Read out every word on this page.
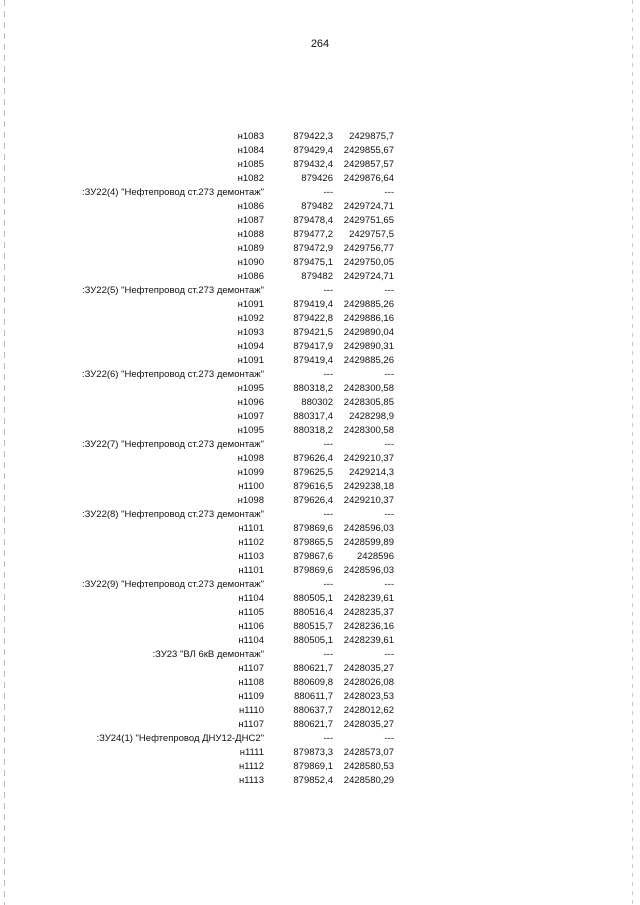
264
н1083	879422,3 2429875,7
н1084	879429,4 2429855,67
н1085	879432,4 2429857,57
н1082	879426 2429876,64
:ЗУ22(4) "Нефтепровод ст.273 демонтаж"	---	---
н1086	879482 2429724,71
н1087	879478,4 2429751,65
н1088	879477,2 2429757,5
н1089	879472,9 2429756,77
н1090	879475,1 2429750,05
н1086	879482 2429724,71
:ЗУ22(5) "Нефтепровод ст.273 демонтаж"	---	---
н1091	879419,4 2429885,26
н1092	879422,8 2429886,16
н1093	879421,5 2429890,04
н1094	879417,9 2429890,31
н1091	879419,4 2429885,26
:ЗУ22(6) "Нефтепровод ст.273 демонтаж"	---	---
н1095	880318,2 2428300,58
н1096	880302 2428305,85
н1097	880317,4 2428298,9
н1095	880318,2 2428300,58
:ЗУ22(7) "Нефтепровод ст.273 демонтаж"	---	---
н1098	879626,4 2429210,37
н1099	879625,5 2429214,3
н1100	879616,5 2429238,18
н1098	879626,4 2429210,37
:ЗУ22(8) "Нефтепровод ст.273 демонтаж"	---	---
н1101	879869,6 2428596,03
н1102	879865,5 2428599,89
н1103	879867,6	2428596
н1101	879869,6 2428596,03
:ЗУ22(9) "Нефтепровод ст.273 демонтаж"	---	---
н1104	880505,1 2428239,61
н1105	880516,4 2428235,37
н1106	880515,7 2428236,16
н1104	880505,1 2428239,61
:ЗУ23 "ВЛ 6кВ демонтаж"	---	---
н1107	880621,7 2428035,27
н1108	880609,8 2428026,08
н1109	880611,7 2428023,53
н1110	880637,7 2428012,62
н1107	880621,7 2428035,27
:ЗУ24(1) "Нефтепровод ДНУ12-ДНС2"	---	---
н1111	879873,3 2428573,07
н1112	879869,1 2428580,53
н1113	879852,4 2428580,29
